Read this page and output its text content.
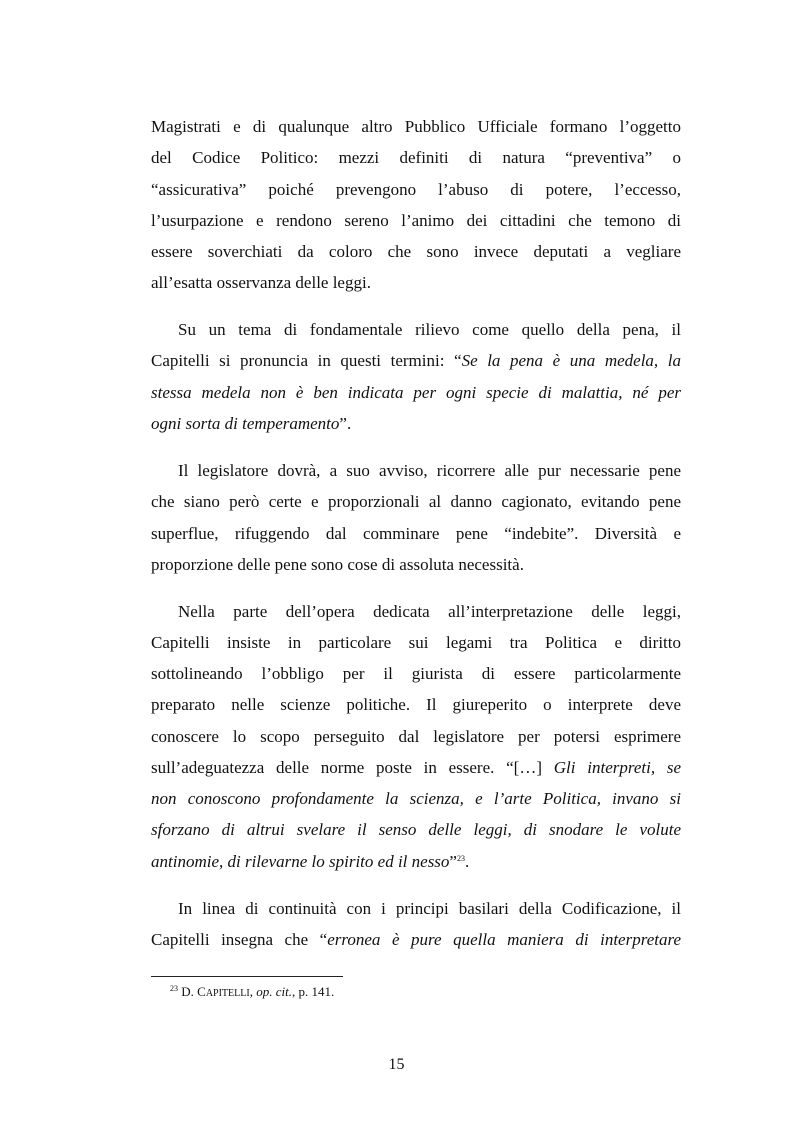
Magistrati e di qualunque altro Pubblico Ufficiale formano l’oggetto
del Codice Politico: mezzi definiti di natura “preventiva” o
“assicurativa” poiché prevengono l’abuso di potere, l’eccesso,
l’usurpazione e rendono sereno l’animo dei cittadini che temono di
essere soverchiati da coloro che sono invece deputati a vegliare
all’esatta osservanza delle leggi.
Su un tema di fondamentale rilievo come quello della pena, il
Capitelli si pronuncia in questi termini: “Se la pena è una medela, la
stessa medela non è ben indicata per ogni specie di malattia, né per
ogni sorta di temperamento”.
Il legislatore dovrà, a suo avviso, ricorrere alle pur necessarie pene
che siano però certe e proporzionali al danno cagionato, evitando pene
superflue, rifuggendo dal comminare pene “indebite”. Diversità e
proporzione delle pene sono cose di assoluta necessità.
Nella parte dell’opera dedicata all’interpretazione delle leggi,
Capitelli insiste in particolare sui legami tra Politica e diritto
sottolineando l’obbligo per il giurista di essere particolarmente
preparato nelle scienze politiche. Il giureperito o interprete deve
conoscere lo scopo perseguito dal legislatore per potersi esprimere
sull’adeguatezza delle norme poste in essere. “[…] Gli interpreti, se
non conoscono profondamente la scienza, e l’arte Politica, invano si
sforzano di altrui svelare il senso delle leggi, di snodare le volute
antinomie, di rilevarne lo spirito ed il nesso”$^{23}$.
In linea di continuità con i principi basilari della Codificazione, il
Capitelli insegna che “erronea è pure quella maniera di interpretare
$^{23}$ D. CAPITELLI, op. cit., p. 141.
15
